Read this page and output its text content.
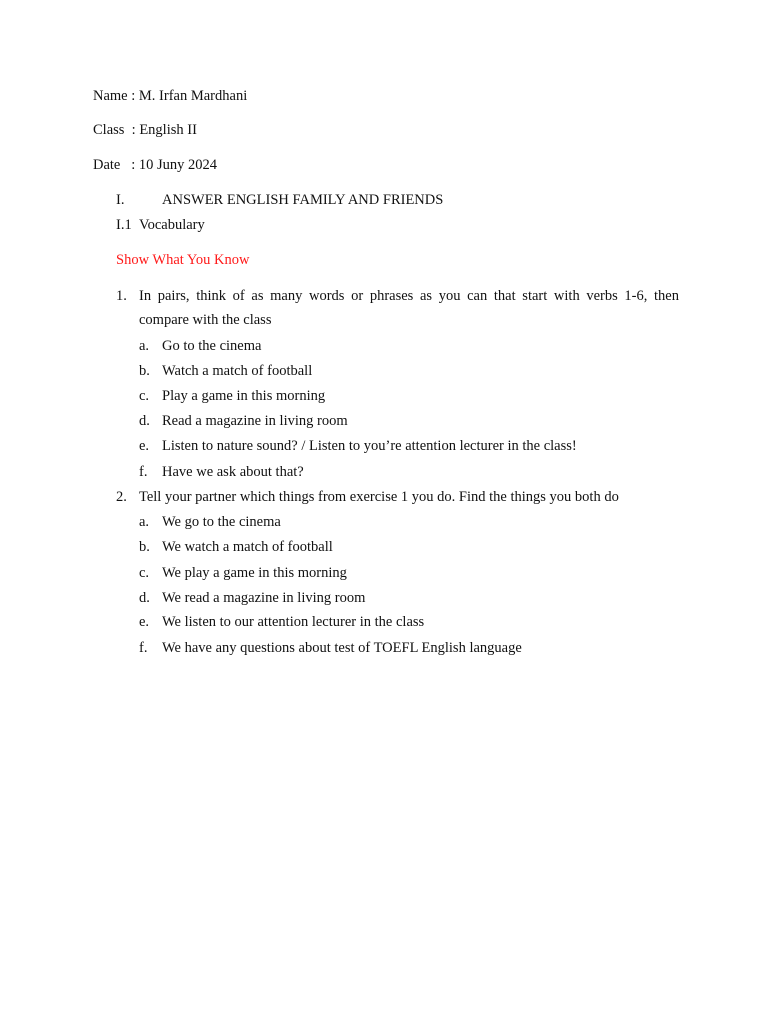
Name : M. Irfan Mardhani
Class  : English II
Date   : 10 Juny 2024
I.	ANSWER ENGLISH FAMILY AND FRIENDS
I.1 Vocabulary
Show What You Know
1. In pairs, think of as many words or phrases as you can that start with verbs 1-6, then compare with the class
a. Go to the cinema
b. Watch a match of football
c. Play a game in this morning
d. Read a magazine in living room
e. Listen to nature sound? / Listen to you’re attention lecturer in the class!
f. Have we ask about that?
2. Tell your partner which things from exercise 1 you do. Find the things you both do
a. We go to the cinema
b. We watch a match of football
c. We play a game in this morning
d. We read a magazine in living room
e. We listen to our attention lecturer in the class
f. We have any questions about test of TOEFL English language
